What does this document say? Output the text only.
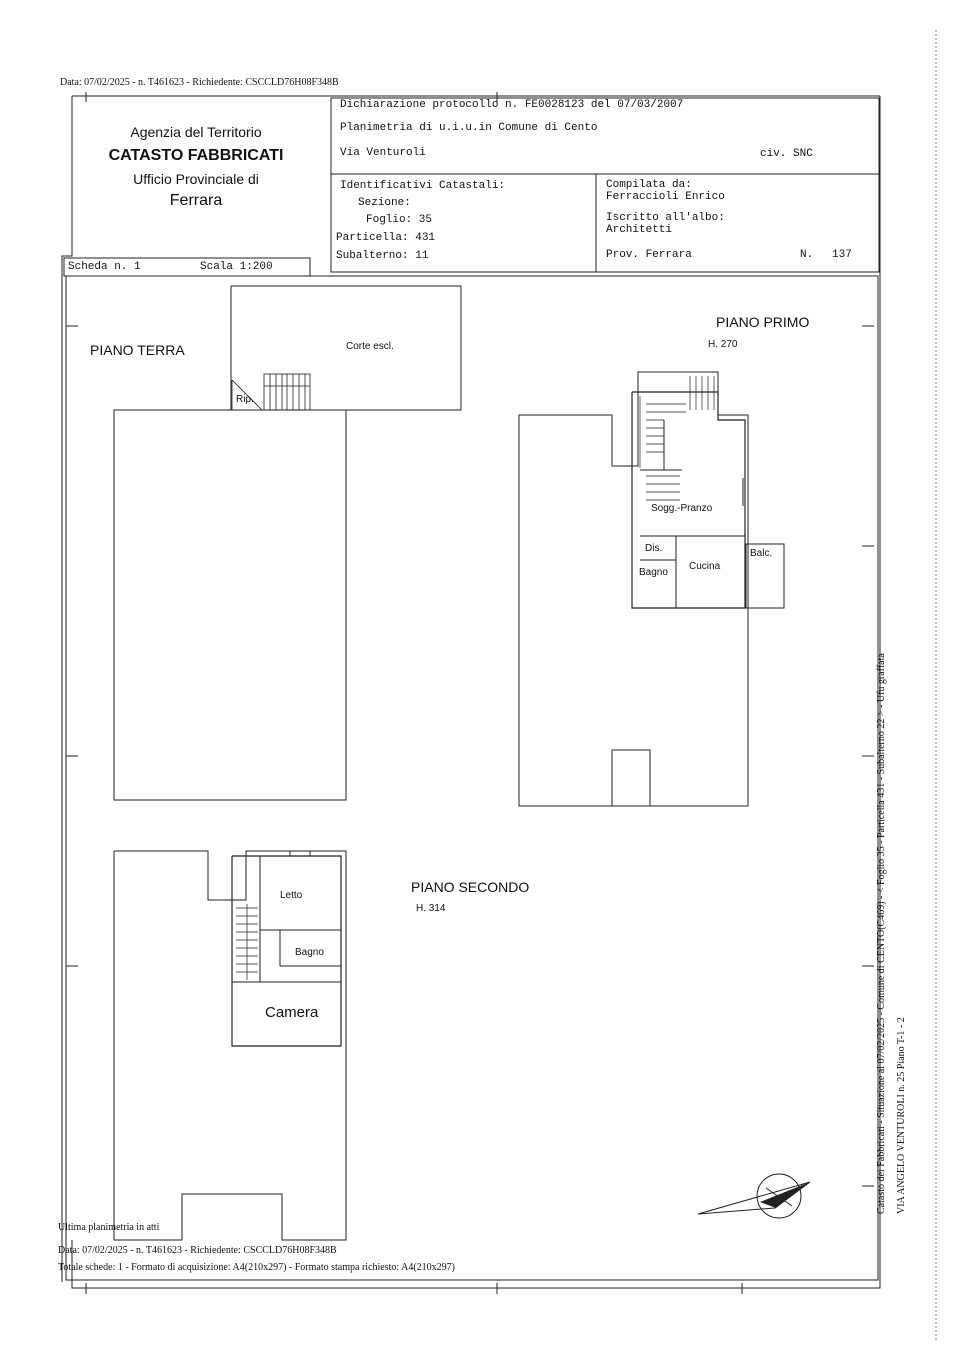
Data: 07/02/2025 - n. T461623 - Richiedente: CSCCLD76H08F348B
Agenzia del Territorio
CATASTO FABBRICATI
Ufficio Provinciale di
Ferrara
Dichiarazione protocollo n. FE0028123 del 07/03/2007
Planimetria di u.i.u.in Comune di Cento
Via Venturoli	civ. SNC
Identificativi Catastali:
Sezione:
Foglio: 35
Particella: 431
Subalterno: 11
Compilata da:
Ferraccioli Enrico
Iscritto all'albo:
Architetti
Prov. Ferrara	N. 137
Scheda n. 1	Scala 1:200
PIANO TERRA
PIANO PRIMO
H. 270
PIANO SECONDO
H. 314
Corte escl.
Rip.
Sogg.-Pranzo
Dis.
Bagno
Cucina
Balc.
Letto
Bagno
Camera	Catasto dei Fabbricati - Situazione al 07/02/2025 - Comune di CENTO(C469) - < Foglio 35 - Particella 431 - Subalterno 22 > - Ufu graffata VIA ANGELO VENTUROLI n. 25 Piano T-1 - 2
Ultima planimetria in atti
Data: 07/02/2025 - n. T461623 - Richiedente: CSCCLD76H08F348B
Totale schede: 1 - Formato di acquisizione: A4(210x297) - Formato stampa richiesto: A4(210x297)
